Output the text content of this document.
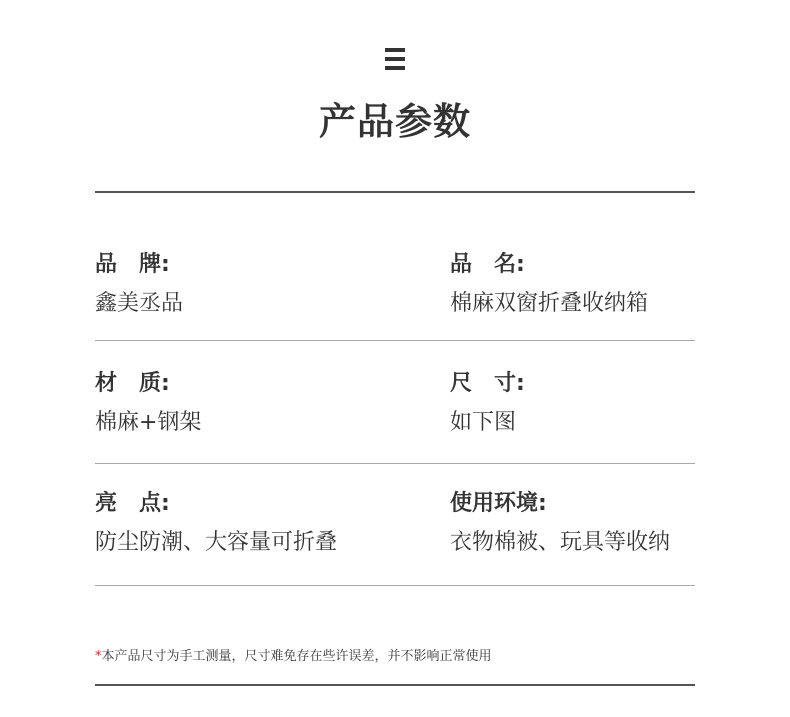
产品参数
品　牌:
鑫美丞品
品　名:
棉麻双窗折叠收纳箱
材　质:
棉麻+钢架
尺　寸:
如下图
亮　点:
防尘防潮、大容量可折叠
使用环境:
衣物棉被、玩具等收纳
*本产品尺寸为手工测量，尺寸难免存在些许误差，并不影响正常使用
